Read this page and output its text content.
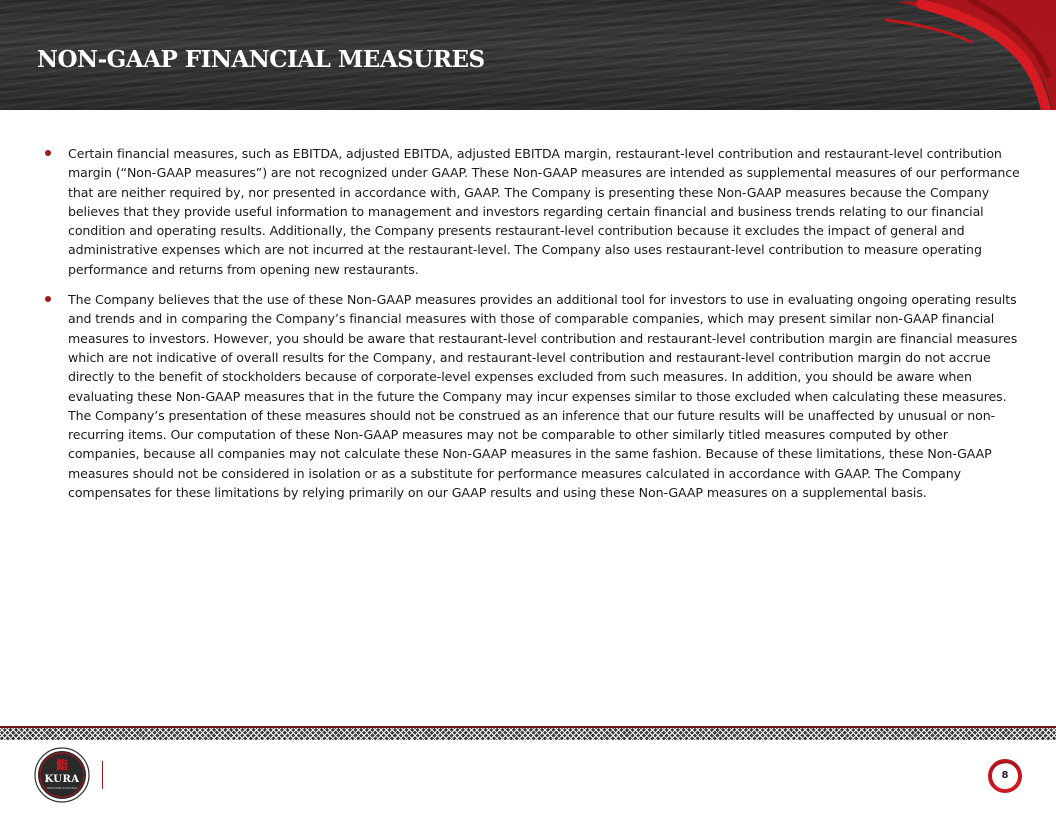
NON-GAAP FINANCIAL MEASURES
Certain financial measures, such as EBITDA, adjusted EBITDA, adjusted EBITDA margin, restaurant-level contribution and restaurant-level contribution margin (“Non-GAAP measures”) are not recognized under GAAP. These Non-GAAP measures are intended as supplemental measures of our performance that are neither required by, nor presented in accordance with, GAAP. The Company is presenting these Non-GAAP measures because the Company believes that they provide useful information to management and investors regarding certain financial and business trends relating to our financial condition and operating results. Additionally, the Company presents restaurant-level contribution because it excludes the impact of general and administrative expenses which are not incurred at the restaurant-level. The Company also uses restaurant-level contribution to measure operating performance and returns from opening new restaurants.
The Company believes that the use of these Non-GAAP measures provides an additional tool for investors to use in evaluating ongoing operating results and trends and in comparing the Company’s financial measures with those of comparable companies, which may present similar non-GAAP financial measures to investors. However, you should be aware that restaurant-level contribution and restaurant-level contribution margin are financial measures which are not indicative of overall results for the Company, and restaurant-level contribution and restaurant-level contribution margin do not accrue directly to the benefit of stockholders because of corporate-level expenses excluded from such measures. In addition, you should be aware when evaluating these Non-GAAP measures that in the future the Company may incur expenses similar to those excluded when calculating these measures. The Company’s presentation of these measures should not be construed as an inference that our future results will be unaffected by unusual or non-recurring items. Our computation of these Non-GAAP measures may not be comparable to other similarly titled measures computed by other companies, because all companies may not calculate these Non-GAAP measures in the same fashion. Because of these limitations, these Non-GAAP measures should not be considered in isolation or as a substitute for performance measures calculated in accordance with GAAP. The Company compensates for these limitations by relying primarily on our GAAP results and using these Non-GAAP measures on a supplemental basis.
鮨
KURA
REVOLVING SUSHI BAR
8
